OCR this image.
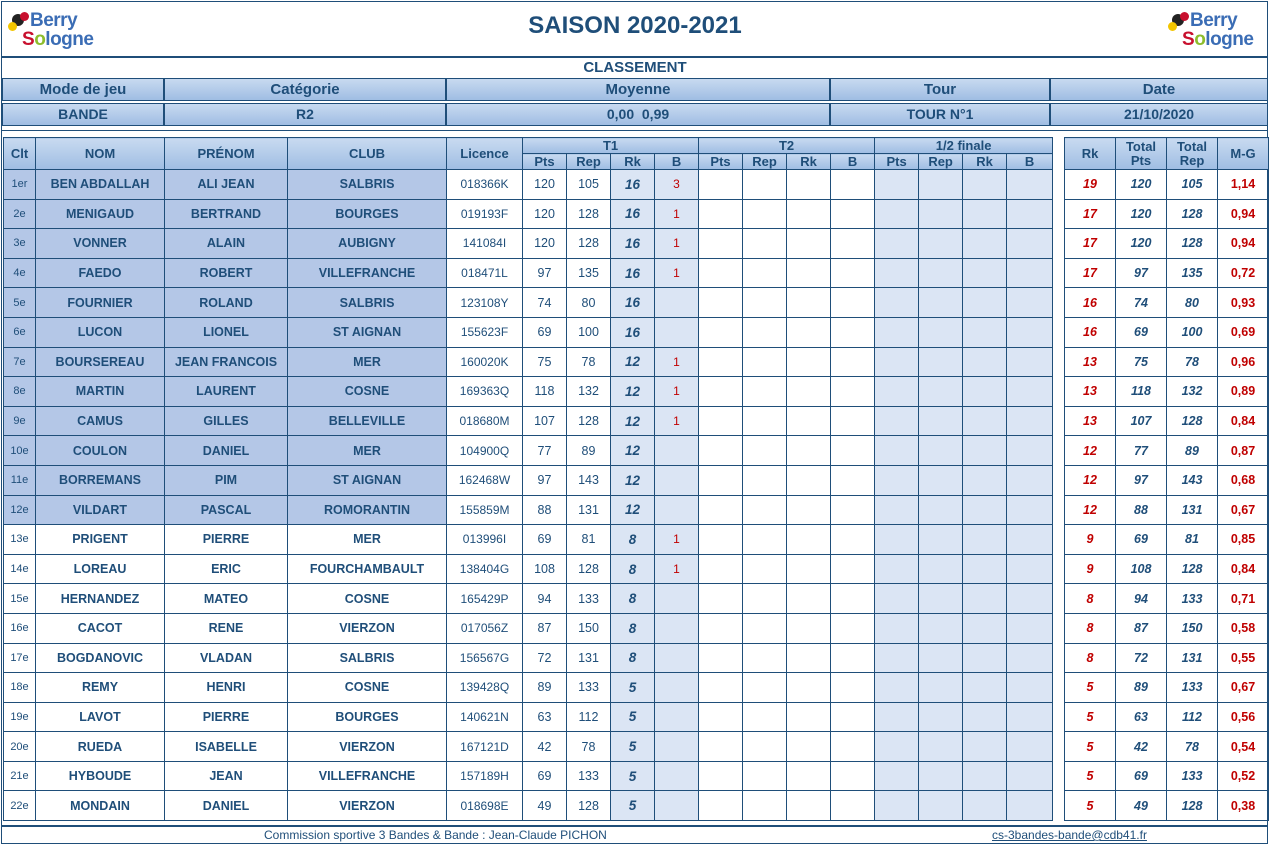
Berry
Sologne
Berry
Sologne
SAISON 2020-2021
CLASSEMENT
Mode de jeu	Catégorie	Moyenne	Tour	Date
BANDE	R2	0,00  0,99	TOUR N°1	21/10/2020
Clt	NOM	PRÉNOM	CLUB	Licence	T1				T2				1/2 finale			
					Pts	Rep	Rk	B	Pts	Rep	Rk	B	Pts	Rep	Rk	B
1er	BEN ABDALLAH	ALI JEAN	SALBRIS	018366K	120	105	16	3								
2e	MENIGAUD	BERTRAND	BOURGES	019193F	120	128	16	1								
3e	VONNER	ALAIN	AUBIGNY	141084I	120	128	16	1								
4e	FAEDO	ROBERT	VILLEFRANCHE	018471L	97	135	16	1								
5e	FOURNIER	ROLAND	SALBRIS	123108Y	74	80	16									
6e	LUCON	LIONEL	ST AIGNAN	155623F	69	100	16									
7e	BOURSEREAU	JEAN FRANCOIS	MER	160020K	75	78	12	1								
8e	MARTIN	LAURENT	COSNE	169363Q	118	132	12	1								
9e	CAMUS	GILLES	BELLEVILLE	018680M	107	128	12	1								
10e	COULON	DANIEL	MER	104900Q	77	89	12									
11e	BORREMANS	PIM	ST AIGNAN	162468W	97	143	12									
12e	VILDART	PASCAL	ROMORANTIN	155859M	88	131	12									
13e	PRIGENT	PIERRE	MER	013996I	69	81	8	1								
14e	LOREAU	ERIC	FOURCHAMBAULT	138404G	108	128	8	1								
15e	HERNANDEZ	MATEO	COSNE	165429P	94	133	8									
16e	CACOT	RENE	VIERZON	017056Z	87	150	8									
17e	BOGDANOVIC	VLADAN	SALBRIS	156567G	72	131	8									
18e	REMY	HENRI	COSNE	139428Q	89	133	5									
19e	LAVOT	PIERRE	BOURGES	140621N	63	112	5									
20e	RUEDA	ISABELLE	VIERZON	167121D	42	78	5									
21e	HYBOUDE	JEAN	VILLEFRANCHE	157189H	69	133	5									
22e	MONDAIN	DANIEL	VIERZON	018698E	49	128	5									
Rk	Total Pts	Total Rep	M-G
19	120	105	1,14
17	120	128	0,94
17	120	128	0,94
17	97	135	0,72
16	74	80	0,93
16	69	100	0,69
13	75	78	0,96
13	118	132	0,89
13	107	128	0,84
12	77	89	0,87
12	97	143	0,68
12	88	131	0,67
9	69	81	0,85
9	108	128	0,84
8	94	133	0,71
8	87	150	0,58
8	72	131	0,55
5	89	133	0,67
5	63	112	0,56
5	42	78	0,54
5	69	133	0,52
5	49	128	0,38
Commission sportive 3 Bandes & Bande : Jean-Claude PICHON	cs-3bandes-bande@cdb41.fr
